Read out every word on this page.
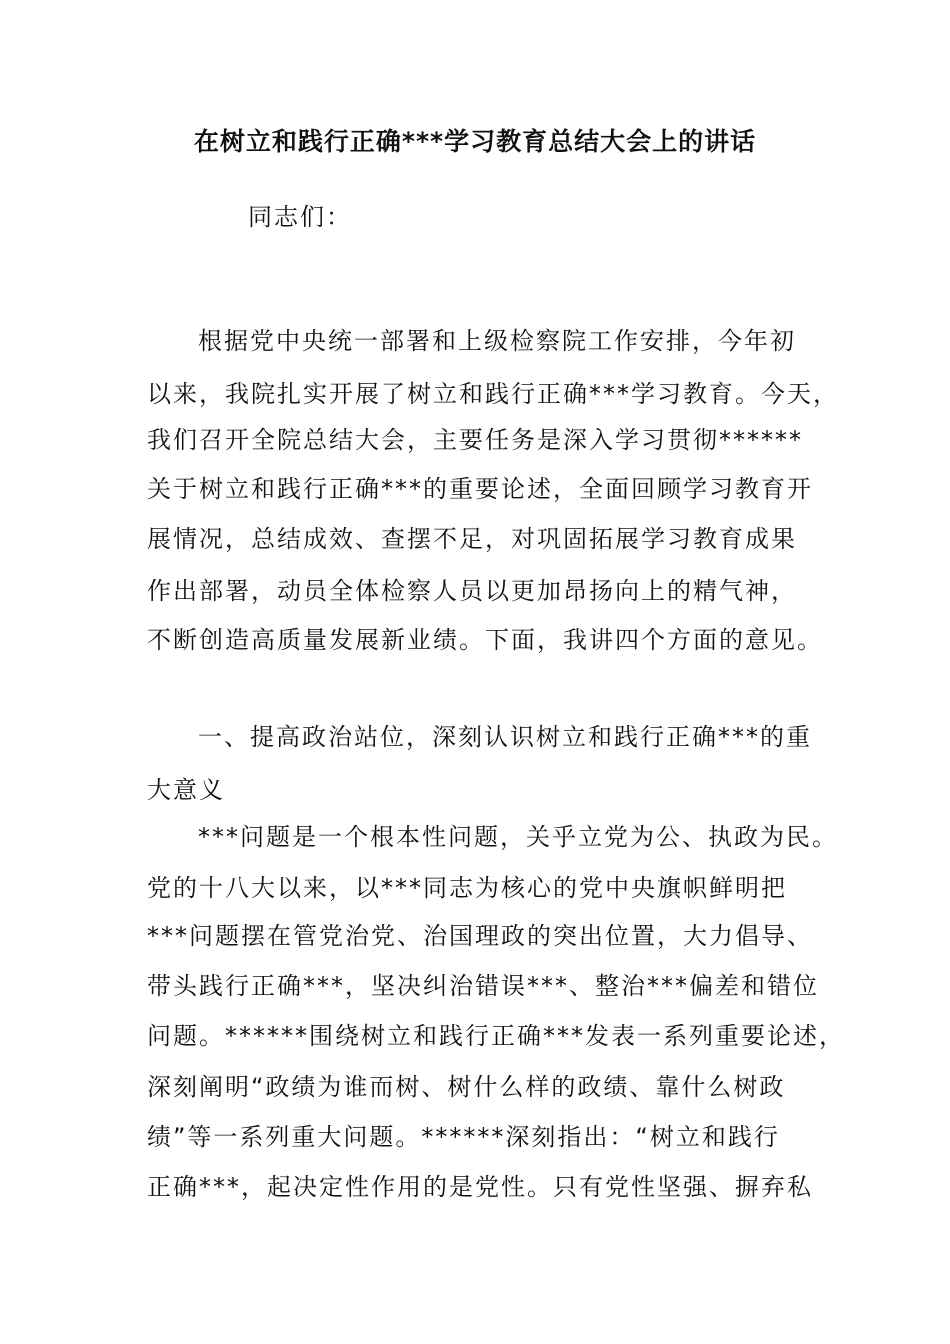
在树立和践行正确***学习教育总结大会上的讲话
同志们：
根据党中央统一部署和上级检察院工作安排，今年初
以来，我院扎实开展了树立和践行正确***学习教育。今天，
我们召开全院总结大会，主要任务是深入学习贯彻******
关于树立和践行正确***的重要论述，全面回顾学习教育开
展情况，总结成效、查摆不足，对巩固拓展学习教育成果
作出部署，动员全体检察人员以更加昂扬向上的精气神，
不断创造高质量发展新业绩。下面，我讲四个方面的意见。
一、提高政治站位，深刻认识树立和践行正确***的重
大意义
***问题是一个根本性问题，关乎立党为公、执政为民。
党的十八大以来，以***同志为核心的党中央旗帜鲜明把
***问题摆在管党治党、治国理政的突出位置，大力倡导、
带头践行正确***，坚决纠治错误***、整治***偏差和错位
问题。******围绕树立和践行正确***发表一系列重要论述，
深刻阐明“政绩为谁而树、树什么样的政绩、靠什么树政
绩”等一系列重大问题。******深刻指出：“树立和践行
正确***，起决定性作用的是党性。只有党性坚强、摒弃私
